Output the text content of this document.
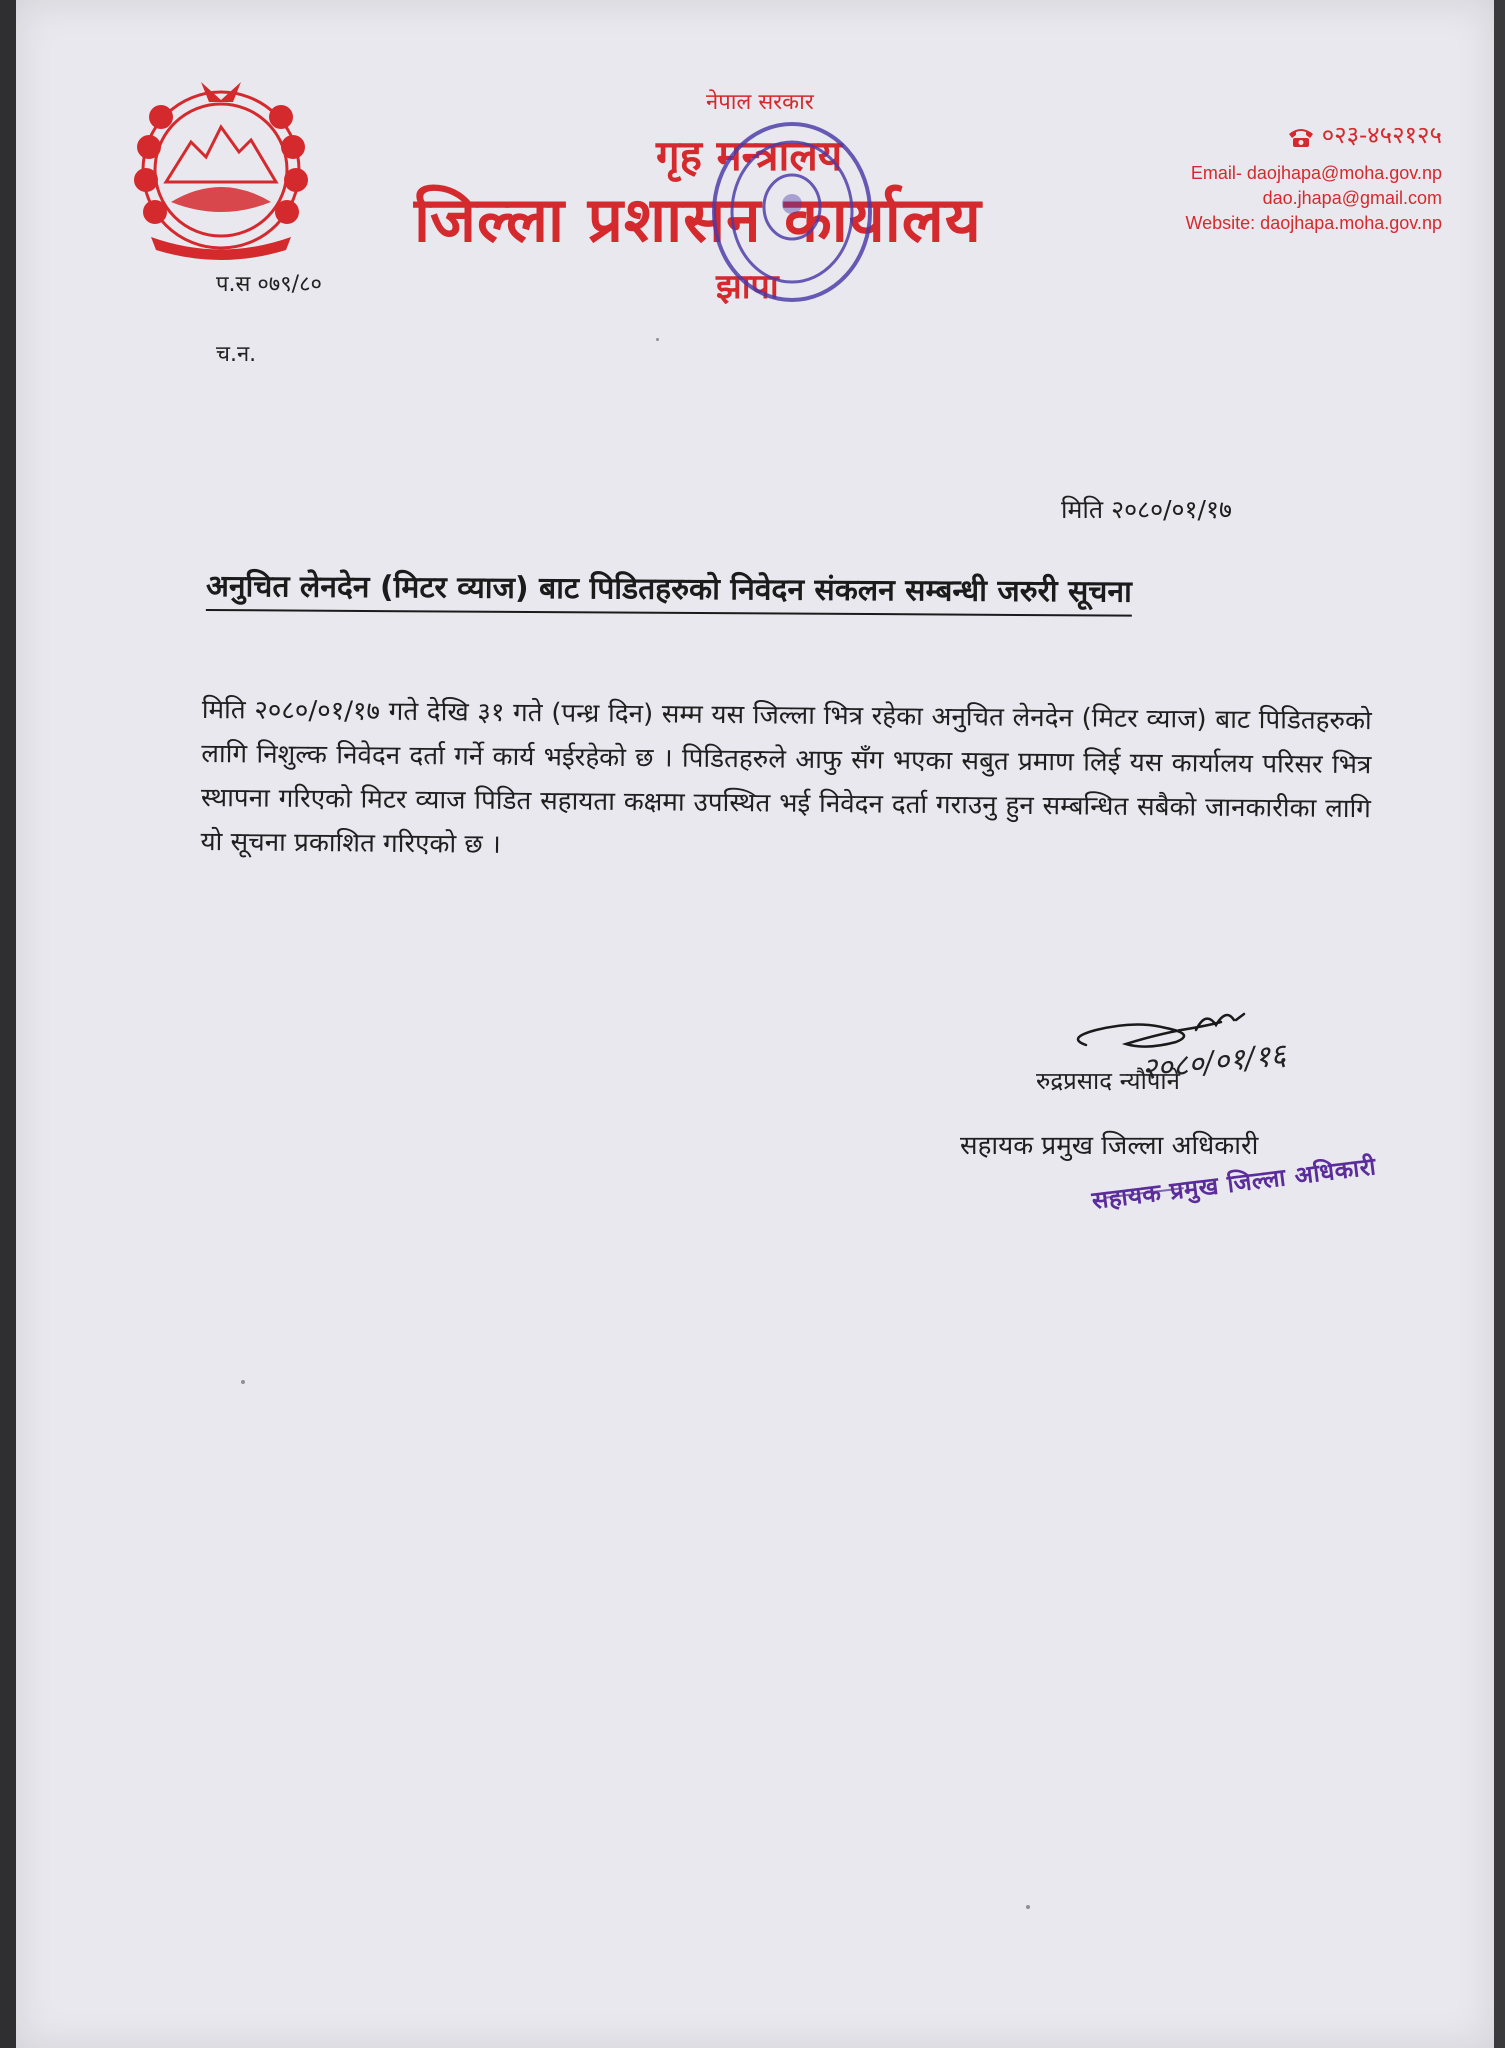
नेपाल सरकार
गृह मन्त्रालय
जिल्ला प्रशासन कार्यालय
झापा
०२३-४५२१२५
Email- daojhapa@moha.gov.np
dao.jhapa@gmail.com
Website: daojhapa.moha.gov.np
प.स ०७९/८०
च.न.
मिति २०८०/०१/१७
अनुचित लेनदेन (मिटर व्याज) बाट पिडितहरुको निवेदन संकलन सम्बन्धी जरुरी सूचना
मिति २०८०/०१/१७ गते देखि ३१ गते (पन्ध्र दिन) सम्म यस जिल्ला भित्र रहेका अनुचित लेनदेन (मिटर व्याज) बाट पिडितहरुको लागि निशुल्क निवेदन दर्ता गर्ने कार्य भईरहेको छ । पिडितहरुले आफु सँग भएका सबुत प्रमाण लिई यस कार्यालय परिसर भित्र स्थापना गरिएको मिटर व्याज पिडित सहायता कक्षमा उपस्थित भई निवेदन दर्ता गराउनु हुन सम्बन्धित सबैको जानकारीका लागि यो सूचना प्रकाशित गरिएको छ ।
२०८०/०१/१६
रुद्रप्रसाद न्यौपाने
सहायक प्रमुख जिल्ला अधिकारी
सहायक प्रमुख जिल्ला अधिकारी
